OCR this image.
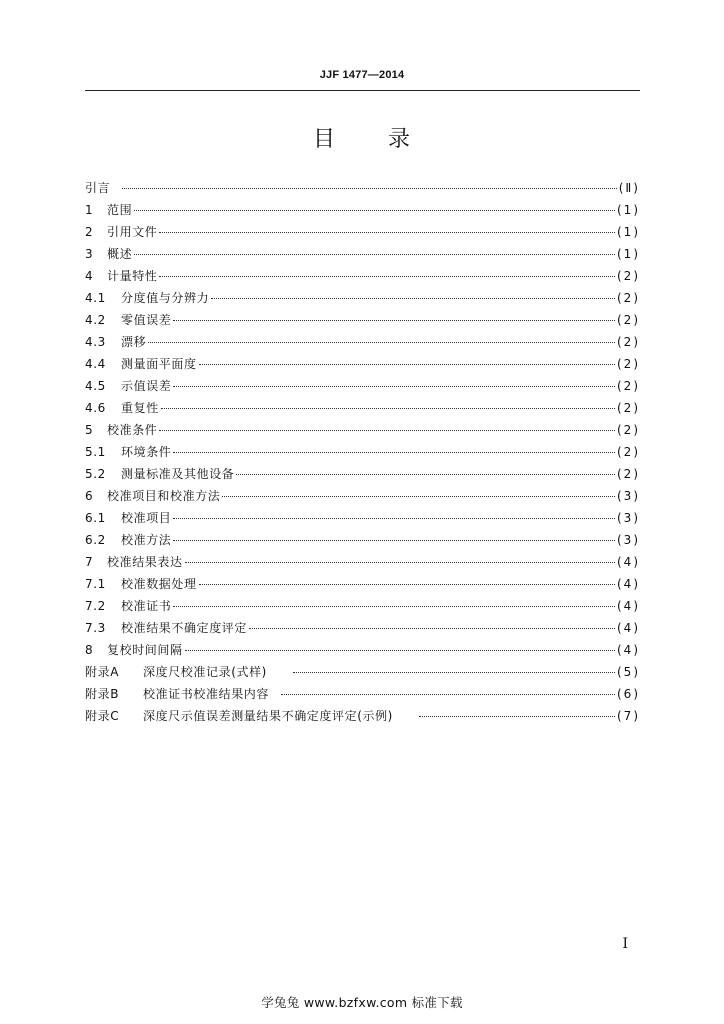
JJF 1477—2014
目 录
引言	(Ⅱ)
1	范围	(1)
2	引用文件	(1)
3	概述	(1)
4	计量特性	(2)
4.1	分度值与分辨力	(2)
4.2	零值误差	(2)
4.3	漂移	(2)
4.4	测量面平面度	(2)
4.5	示值误差	(2)
4.6	重复性	(2)
5	校准条件	(2)
5.1	环境条件	(2)
5.2	测量标准及其他设备	(2)
6	校准项目和校准方法	(3)
6.1	校准项目	(3)
6.2	校准方法	(3)
7	校准结果表达	(4)
7.1	校准数据处理	(4)
7.2	校准证书	(4)
7.3	校准结果不确定度评定	(4)
8	复校时间间隔	(4)
附录A	深度尺校准记录(式样)	(5)
附录B	校准证书校准结果内容	(6)
附录C	深度尺示值误差测量结果不确定度评定(示例)	(7)
I
学兔兔 www.bzfxw.com 标准下载
